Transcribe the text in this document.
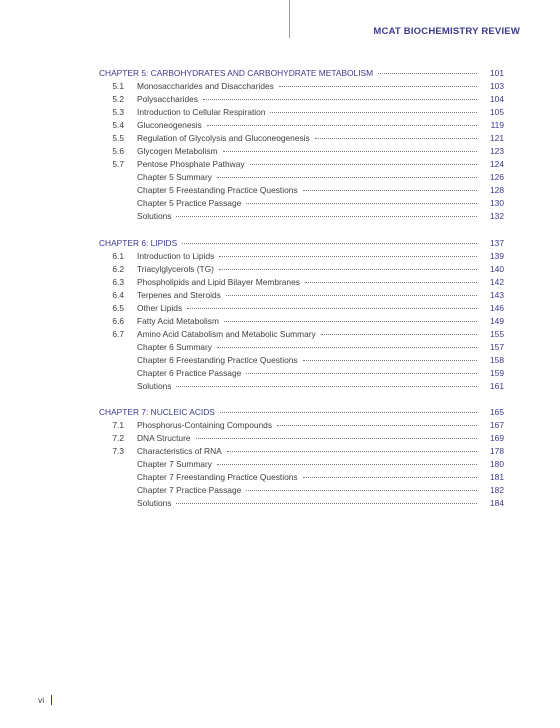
MCAT BIOCHEMISTRY REVIEW
CHAPTER 5: CARBOHYDRATES AND CARBOHYDRATE METABOLISM	101
5.1	Monosaccharides and Disaccharides	103
5.2	Polysaccharides	104
5.3	Introduction to Cellular Respiration	105
5.4	Gluconeogenesis	119
5.5	Regulation of Glycolysis and Gluconeogenesis	121
5.6	Glycogen Metabolism	123
5.7	Pentose Phosphate Pathway	124
Chapter 5 Summary	126
Chapter 5 Freestanding Practice Questions	128
Chapter 5 Practice Passage	130
Solutions	132
CHAPTER 6: LIPIDS	137
6.1	Introduction to Lipids	139
6.2	Triacylglycerols (TG)	140
6.3	Phospholipids and Lipid Bilayer Membranes	142
6.4	Terpenes and Steroids	143
6.5	Other Lipids	146
6.6	Fatty Acid Metabolism	149
6.7	Amino Acid Catabolism and Metabolic Summary	155
Chapter 6 Summary	157
Chapter 6 Freestanding Practice Questions	158
Chapter 6 Practice Passage	159
Solutions	161
CHAPTER 7: NUCLEIC ACIDS	165
7.1	Phosphorus-Containing Compounds	167
7.2	DNA Structure	169
7.3	Characteristics of RNA	178
Chapter 7 Summary	180
Chapter 7 Freestanding Practice Questions	181
Chapter 7 Practice Passage	182
Solutions	184
vi
